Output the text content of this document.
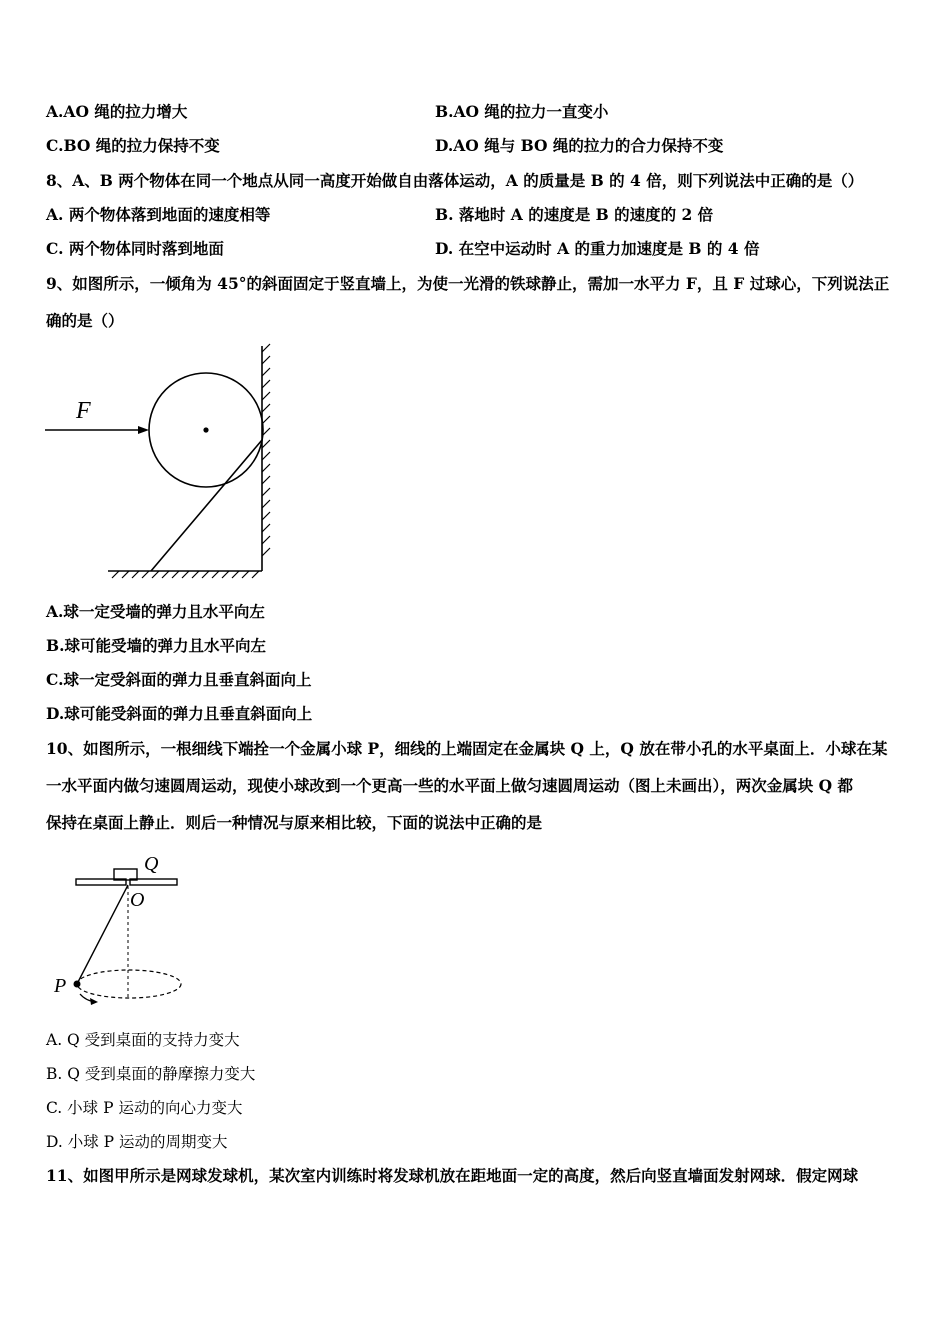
A.AO 绳的拉力增大	B.AO 绳的拉力一直变小
C.BO 绳的拉力保持不变	D.AO 绳与 BO 绳的拉力的合力保持不变
8、A、B 两个物体在同一个地点从同一高度开始做自由落体运动，A 的质量是 B 的 4 倍，则下列说法中正确的是（）
A. 两个物体落到地面的速度相等	B. 落地时 A 的速度是 B 的速度的 2 倍
C. 两个物体同时落到地面	D. 在空中运动时 A 的重力加速度是 B 的 4 倍
9、如图所示，一倾角为 45°的斜面固定于竖直墙上，为使一光滑的铁球静止，需加一水平力 F，且 F 过球心，下列说法正
确的是（）
F
A.球一定受墙的弹力且水平向左
B.球可能受墙的弹力且水平向左
C.球一定受斜面的弹力且垂直斜面向上
D.球可能受斜面的弹力且垂直斜面向上
10、如图所示，一根细线下端拴一个金属小球 P，细线的上端固定在金属块 Q 上，Q 放在带小孔的水平桌面上．小球在某
一水平面内做匀速圆周运动，现使小球改到一个更高一些的水平面上做匀速圆周运动（图上未画出），两次金属块 Q 都
保持在桌面上静止．则后一种情况与原来相比较，下面的说法中正确的是
Q
O
P
A. Q 受到桌面的支持力变大
B. Q 受到桌面的静摩擦力变大
C. 小球 P 运动的向心力变大
D. 小球 P 运动的周期变大
11、如图甲所示是网球发球机，某次室内训练时将发球机放在距地面一定的高度，然后向竖直墙面发射网球．假定网球
